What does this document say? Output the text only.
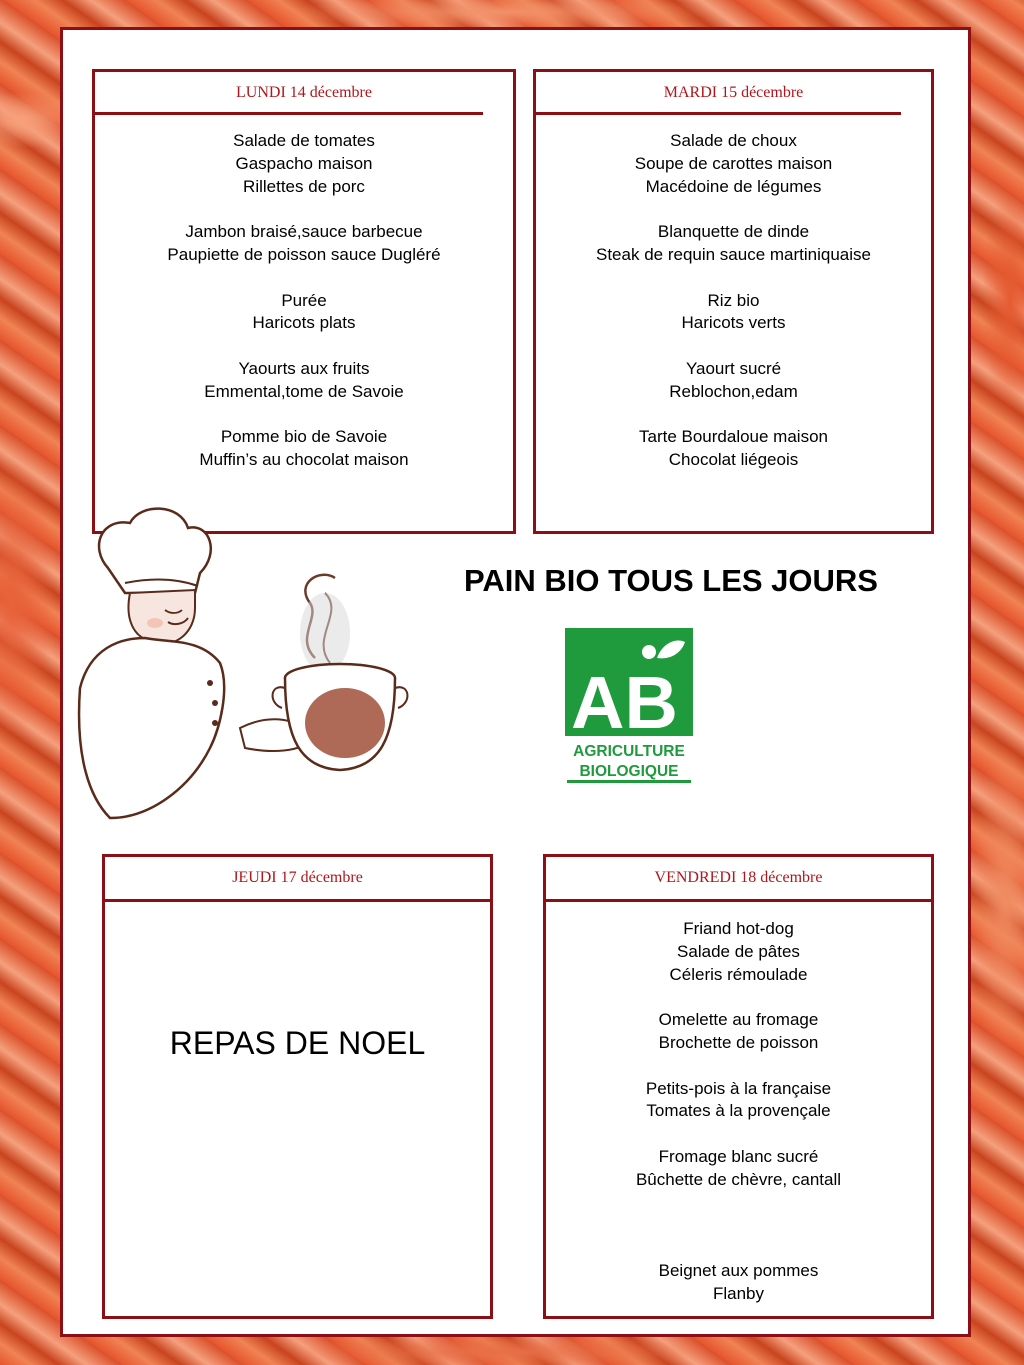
LUNDI 14 décembre
Salade de tomates
Gaspacho maison
Rillettes de porc
Jambon braisé,sauce barbecue
Paupiette de poisson sauce Dugléré
Purée
Haricots plats
Yaourts aux fruits
Emmental,tome de Savoie
Pomme bio de Savoie
Muffin’s au chocolat maison
MARDI 15 décembre
Salade de choux
Soupe de carottes maison
Macédoine de légumes
Blanquette de dinde
Steak de requin sauce martiniquaise
Riz bio
Haricots verts
Yaourt sucré
Reblochon,edam
Tarte Bourdaloue maison
Chocolat liégeois
JEUDI 17 décembre
REPAS DE NOEL
VENDREDI 18 décembre
Friand hot-dog
Salade de pâtes
Céleris rémoulade
Omelette au fromage
Brochette de poisson
Petits-pois à la française
Tomates à la provençale
Fromage blanc sucré
Bûchette de chèvre, cantall

Beignet aux pommes
Flanby
PAIN BIO TOUS LES JOURS
AB
AGRICULTURE
BIOLOGIQUE
